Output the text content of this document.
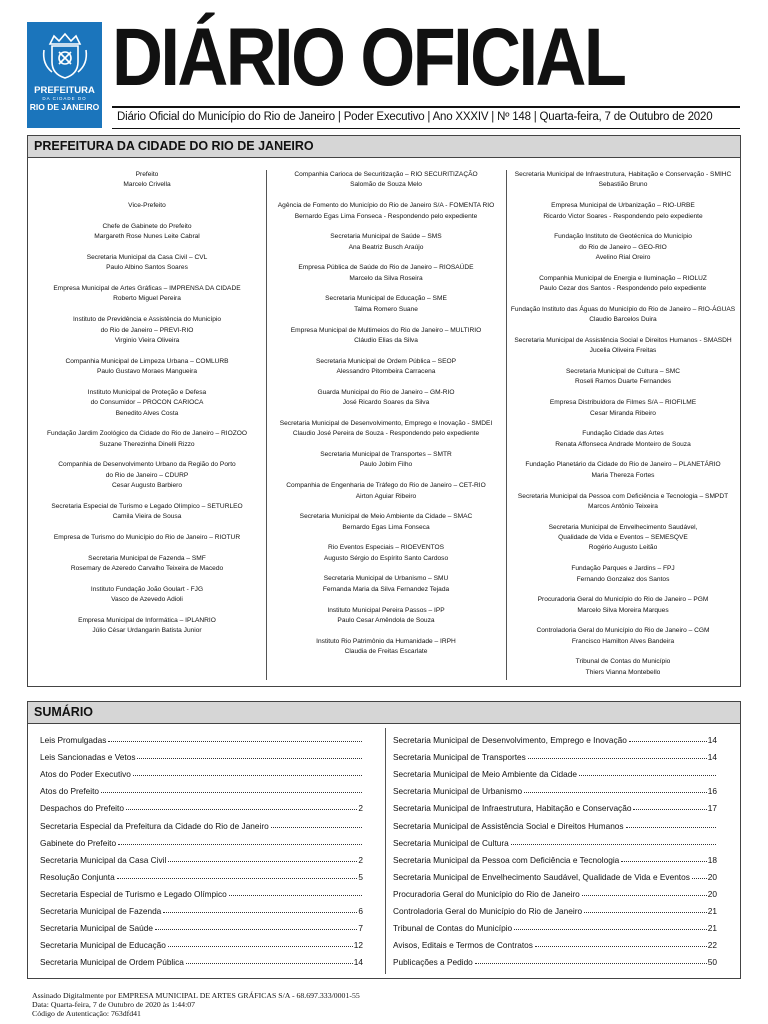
PREFEITURA
DA CIDADE DO
RIO DE JANEIRO
DIÁRIO OFICIAL
Diário Oficial do Município do Rio de Janeiro | Poder Executivo | Ano XXXIV | Nº 148 | Quarta-feira, 7 de Outubro de 2020
PREFEITURA DA CIDADE DO RIO DE JANEIRO
Prefeito
Marcelo Crivella
Vice-Prefeito
Chefe de Gabinete do Prefeito
Margareth Rose Nunes Leite Cabral
Secretaria Municipal da Casa Civil – CVL
Paulo Albino Santos Soares
Empresa Municipal de Artes Gráficas – IMPRENSA DA CIDADE
Roberto Miguel Pereira
Instituto de Previdência e Assistência do Município
do Rio de Janeiro – PREVI-RIO
Virginio Vieira Oliveira
Companhia Municipal de Limpeza Urbana – COMLURB
Paulo Gustavo Moraes Mangueira
Instituto Municipal de Proteção e Defesa
do Consumidor – PROCON CARIOCA
Benedito Alves Costa
Fundação Jardim Zoológico da Cidade do Rio de Janeiro – RIOZOO
Suzane Therezinha Dinelli Rizzo
Companhia de Desenvolvimento Urbano da Região do Porto
do Rio de Janeiro – CDURP
Cesar Augusto Barbiero
Secretaria Especial de Turismo e Legado Olímpico – SETURLEO
Camila Vieira de Sousa
Empresa de Turismo do Município do Rio de Janeiro – RIOTUR
Secretaria Municipal de Fazenda – SMF
Rosemary de Azeredo Carvalho Teixeira de Macedo
Instituto Fundação João Goulart - FJG
Vasco de Azevedo Adioli
Empresa Municipal de Informática – IPLANRIO
Júlio César Urdangarin Batista Junior
Companhia Carioca de Securitização – RIO SECURITIZAÇÃO
Salomão de Souza Melo
Agência de Fomento do Município do Rio de Janeiro S/A - FOMENTA RIO
Bernardo Egas Lima Fonseca - Respondendo pelo expediente
Secretaria Municipal de Saúde – SMS
Ana Beatriz Busch Araújo
Empresa Pública de Saúde do Rio de Janeiro – RIOSAÚDE
Marcelo da Silva Roseira
Secretaria Municipal de Educação – SME
Talma Romero Suane
Empresa Municipal de Multimeios do Rio de Janeiro – MULTIRIO
Cláudio Elias da Silva
Secretaria Municipal de Ordem Pública – SEOP
Alessandro Pitombeira Carracena
Guarda Municipal do Rio de Janeiro – GM-RIO
José Ricardo Soares da Silva
Secretaria Municipal de Desenvolvimento, Emprego e Inovação - SMDEI
Claudio José Pereira de Souza - Respondendo pelo expediente
Secretaria Municipal de Transportes – SMTR
Paulo Jobim Filho
Companhia de Engenharia de Tráfego do Rio de Janeiro – CET-RIO
Airton Aguiar Ribeiro
Secretaria Municipal de Meio Ambiente da Cidade – SMAC
Bernardo Egas Lima Fonseca
Rio Eventos Especiais – RIOEVENTOS
Augusto Sérgio do Espírito Santo Cardoso
Secretaria Municipal de Urbanismo – SMU
Fernanda Maria da Silva Fernandez Tejada
Instituto Municipal Pereira Passos – IPP
Paulo Cesar Amêndola de Souza
Instituto Rio Patrimônio da Humanidade – IRPH
Claudia de Freitas Escarlate
Secretaria Municipal de Infraestrutura, Habitação e Conservação - SMIHC
Sebastião Bruno
Empresa Municipal de Urbanização – RIO-URBE
Ricardo Victor Soares - Respondendo pelo expediente
Fundação Instituto de Geotécnica do Município
do Rio de Janeiro – GEO-RIO
Avelino Rial Oreiro
Companhia Municipal de Energia e Iluminação – RIOLUZ
Paulo Cezar dos Santos - Respondendo pelo expediente
Fundação Instituto das Águas do Município do Rio de Janeiro – RIO-ÁGUAS
Claudio Barcelos Duira
Secretaria Municipal de Assistência Social e Direitos Humanos - SMASDH
Jucelia Oliveira Freitas
Secretaria Municipal de Cultura – SMC
Roseli Ramos Duarte Fernandes
Empresa Distribuidora de Filmes S/A – RIOFILME
Cesar Miranda Ribeiro
Fundação Cidade das Artes
Renata Affonseca Andrade Monteiro de Souza
Fundação Planetário da Cidade do Rio de Janeiro – PLANETÁRIO
Maria Thereza Fortes
Secretaria Municipal da Pessoa com Deficiência e Tecnologia – SMPDT
Marcos Antônio Teixeira
Secretaria Municipal de Envelhecimento Saudável,
Qualidade de Vida e Eventos – SEMESQVE
Rogério Augusto Leitão
Fundação Parques e Jardins – FPJ
Fernando Gonzalez dos Santos
Procuradoria Geral do Município do Rio de Janeiro – PGM
Marcelo Silva Moreira Marques
Controladoria Geral do Município do Rio de Janeiro – CGM
Francisco Hamilton Alves Bandeira
Tribunal de Contas do Município
Thiers Vianna Montebello
SUMÁRIO
Leis Promulgadas
Leis Sancionadas e Vetos
Atos do Poder Executivo
Atos do Prefeito
Despachos do Prefeito	2
Secretaria Especial da Prefeitura da Cidade do Rio de Janeiro
Gabinete do Prefeito
Secretaria Municipal da Casa Civil	2
Resolução Conjunta	5
Secretaria Especial de Turismo e Legado Olímpico
Secretaria Municipal de Fazenda	6
Secretaria Municipal de Saúde	7
Secretaria Municipal de Educação	12
Secretaria Municipal de Ordem Pública	14
Secretaria Municipal de Desenvolvimento, Emprego e Inovação	14
Secretaria Municipal de Transportes	14
Secretaria Municipal de Meio Ambiente da Cidade
Secretaria Municipal de Urbanismo	16
Secretaria Municipal de Infraestrutura, Habitação e Conservação	17
Secretaria Municipal de Assistência Social e Direitos Humanos
Secretaria Municipal de Cultura
Secretaria Municipal da Pessoa com Deficiência e Tecnologia	18
Secretaria Municipal de Envelhecimento Saudável, Qualidade de Vida e Eventos 20
Procuradoria Geral do Município do Rio de Janeiro	20
Controladoria Geral do Município do Rio de Janeiro	21
Tribunal de Contas do Município	21
Avisos, Editais e Termos de Contratos	22
Publicações a Pedido	50
Assinado Digitalmente por EMPRESA MUNICIPAL DE ARTES GRÁFICAS S/A - 68.697.333/0001-55
Data: Quarta-feira, 7 de Outubro de 2020 às 1:44:07
Código de Autenticação: 763dfd41
